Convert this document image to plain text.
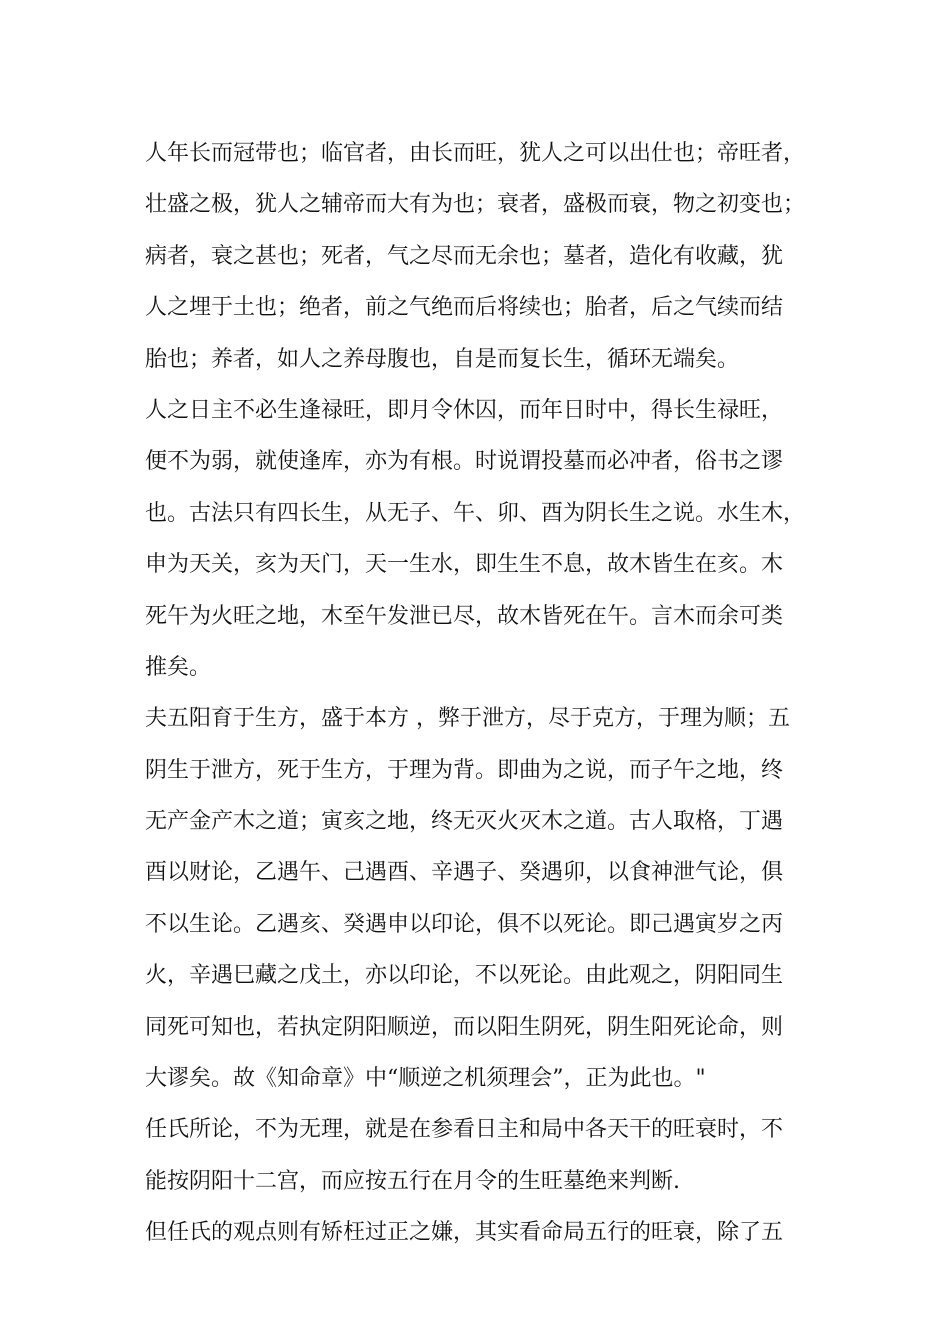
人年长而冠带也；临官者，由长而旺，犹人之可以出仕也；帝旺者，
壮盛之极，犹人之辅帝而大有为也；衰者，盛极而衰，物之初变也；
病者，衰之甚也；死者，气之尽而无余也；墓者，造化有收藏，犹
人之埋于土也；绝者，前之气绝而后将续也；胎者，后之气续而结
胎也；养者，如人之养母腹也，自是而复长生，循环无端矣。
人之日主不必生逢禄旺，即月令休囚，而年日时中，得长生禄旺，
便不为弱，就使逢库，亦为有根。时说谓投墓而必冲者，俗书之谬
也。古法只有四长生，从无子、午、卯、酉为阴长生之说。水生木，
申为天关，亥为天门，天一生水，即生生不息，故木皆生在亥。木
死午为火旺之地，木至午发泄已尽，故木皆死在午。言木而余可类
推矣。
夫五阳育于生方，盛于本方 ，弊于泄方，尽于克方，于理为顺；五
阴生于泄方，死于生方，于理为背。即曲为之说，而子午之地，终
无产金产木之道；寅亥之地，终无灭火灭木之道。古人取格，丁遇
酉以财论，乙遇午、己遇酉、辛遇子、癸遇卯，以食神泄气论，俱
不以生论。乙遇亥、癸遇申以印论，俱不以死论。即己遇寅岁之丙
火，辛遇巳藏之戊土，亦以印论，不以死论。由此观之，阴阳同生
同死可知也，若执定阴阳顺逆，而以阳生阴死，阴生阳死论命，则
大谬矣。故《知命章》中“顺逆之机须理会”，正为此也。"
任氏所论，不为无理，就是在参看日主和局中各天干的旺衰时，不
能按阴阳十二宫，而应按五行在月令的生旺墓绝来判断.
但任氏的观点则有矫枉过正之嫌，其实看命局五行的旺衰，除了五
